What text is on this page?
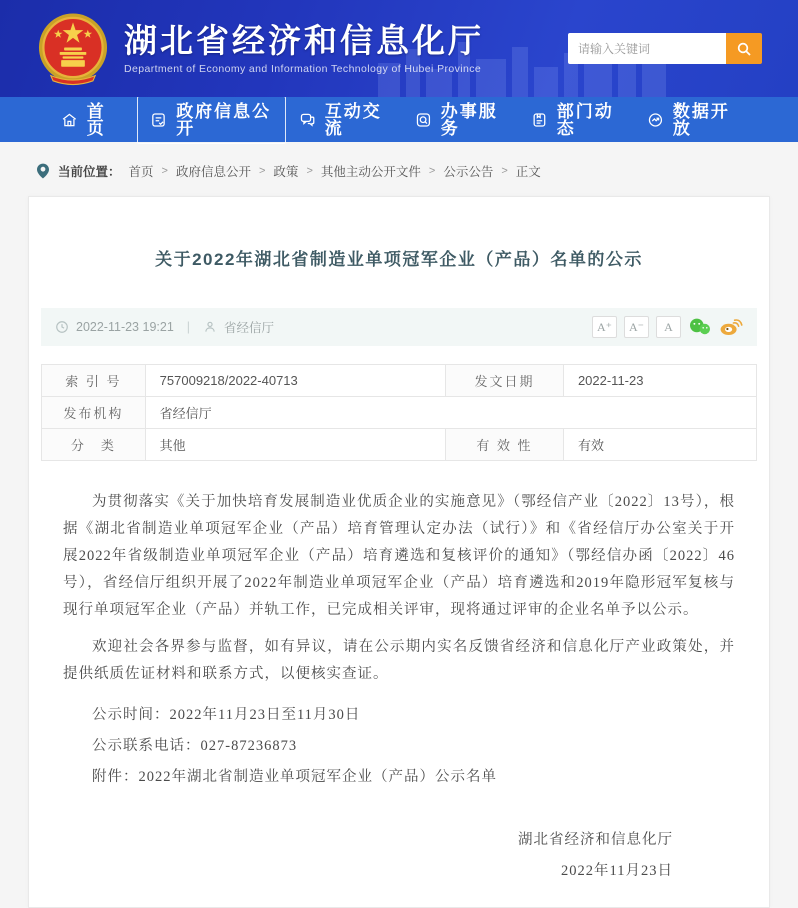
湖北省经济和信息化厅
Department of Economy and Information Technology of Hubei Province
请输入关键词
首 页
政府信息公开
互动交流
办事服务
部门动态
数据开放
当前位置： 首页 > 政府信息公开 > 政策 > 其他主动公开文件 > 公示公告 > 正文
关于2022年湖北省制造业单项冠军企业（产品）名单的公示
2022-11-23 19:21 |	省经信厅	A⁺	A⁻	A
索 引 号	757009218/2022-40713	发文日期	2022-11-23
发布机构	省经信厅		
分　类	其他	有 效 性	有效

为贯彻落实《关于加快培育发展制造业优质企业的实施意见》（鄂经信产业〔2022〕13号），根据《湖北省制造业单项冠军企业（产品）培育管理认定办法（试行）》和《省经信厅办公室关于开展2022年省级制造业单项冠军企业（产品）培育遴选和复核评价的通知》（鄂经信办函〔2022〕46号），省经信厅组织开展了2022年制造业单项冠军企业（产品）培育遴选和2019年隐形冠军复核与现行单项冠军企业（产品）并轨工作，已完成相关评审，现将通过评审的企业名单予以公示。

欢迎社会各界参与监督，如有异议，请在公示期内实名反馈省经济和信息化厅产业政策处，并提供纸质佐证材料和联系方式，以便核实查证。

公示时间：2022年11月23日至11月30日

公示联系电话：027-87236873

附件：2022年湖北省制造业单项冠军企业（产品）公示名单

湖北省经济和信息化厅
2022年11月23日
